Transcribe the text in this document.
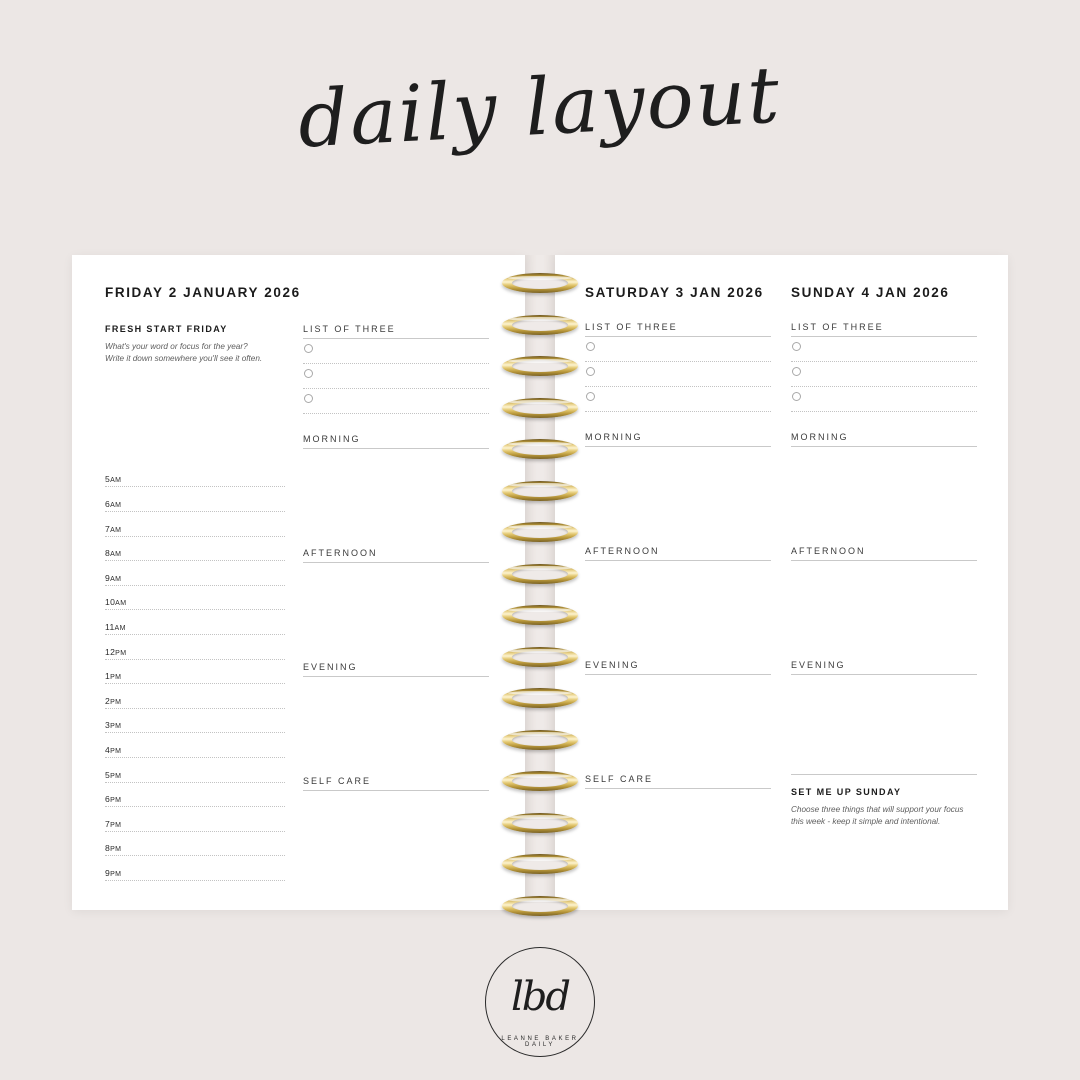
daily layout
FRIDAY 2 JANUARY 2026
FRESH START FRIDAY
What's your word or focus for the year?
Write it down somewhere you'll see it often.
5AM
6AM
7AM
8AM
9AM
10AM
11AM
12PM
1PM
2PM
3PM
4PM
5PM
6PM
7PM
8PM
9PM
LIST OF THREE
MORNING
AFTERNOON
EVENING
SELF CARE
SATURDAY 3 JAN 2026
LIST OF THREE
MORNING
AFTERNOON
EVENING
SELF CARE
SUNDAY 4 JAN 2026
LIST OF THREE
MORNING
AFTERNOON
EVENING
SET ME UP SUNDAY
Choose three things that will support your focus
this week - keep it simple and intentional.
lbd
LEANNE BAKER DAILY
